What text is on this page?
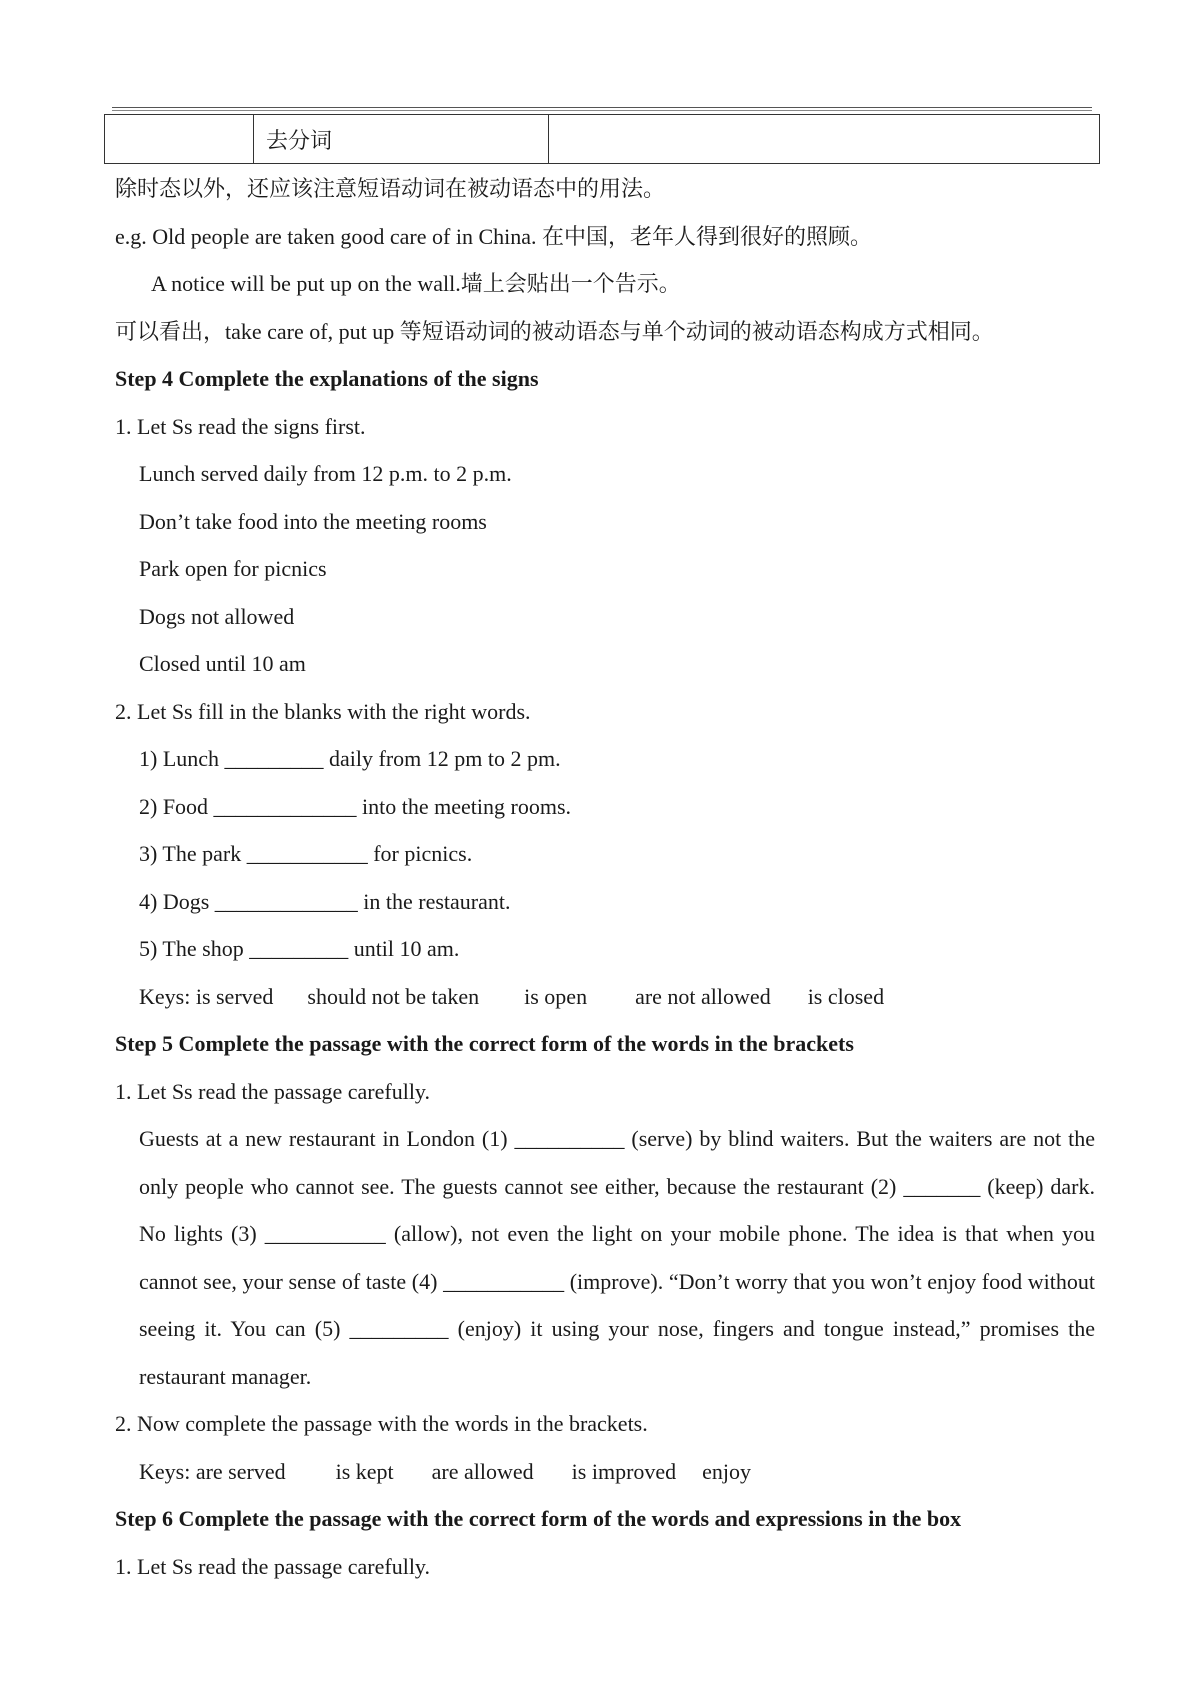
	去分词	
除时态以外，还应该注意短语动词在被动语态中的用法。
e.g. Old people are taken good care of in China. 在中国，老年人得到很好的照顾。
A notice will be put up on the wall.墙上会贴出一个告示。
可以看出，take care of, put up 等短语动词的被动语态与单个动词的被动语态构成方式相同。
Step 4 Complete the explanations of the signs
1. Let Ss read the signs first.
Lunch served daily from 12 p.m. to 2 p.m.
Don’t take food into the meeting rooms
Park open for picnics
Dogs not allowed
Closed until 10 am
2. Let Ss fill in the blanks with the right words.
1) Lunch _________ daily from 12 pm to 2 pm.
2) Food _____________ into the meeting rooms.
3) The park ___________ for picnics.
4) Dogs _____________ in the restaurant.
5) The shop _________ until 10 am.
Keys: is served should not be taken is open are not allowed is closed
Step 5 Complete the passage with the correct form of the words in the brackets
1. Let Ss read the passage carefully.
Guests at a new restaurant in London (1) __________ (serve) by blind waiters. But the waiters are not the only people who cannot see. The guests cannot see either, because the restaurant (2) _______ (keep) dark. No lights (3) ___________ (allow), not even the light on your mobile phone. The idea is that when you cannot see, your sense of taste (4) ___________ (improve). “Don’t worry that you won’t enjoy food without seeing it. You can (5) _________ (enjoy) it using your nose, fingers and tongue instead,” promises the restaurant manager.
2. Now complete the passage with the words in the brackets.
Keys: are served is kept are allowed is improved enjoy
Step 6 Complete the passage with the correct form of the words and expressions in the box
1. Let Ss read the passage carefully.
